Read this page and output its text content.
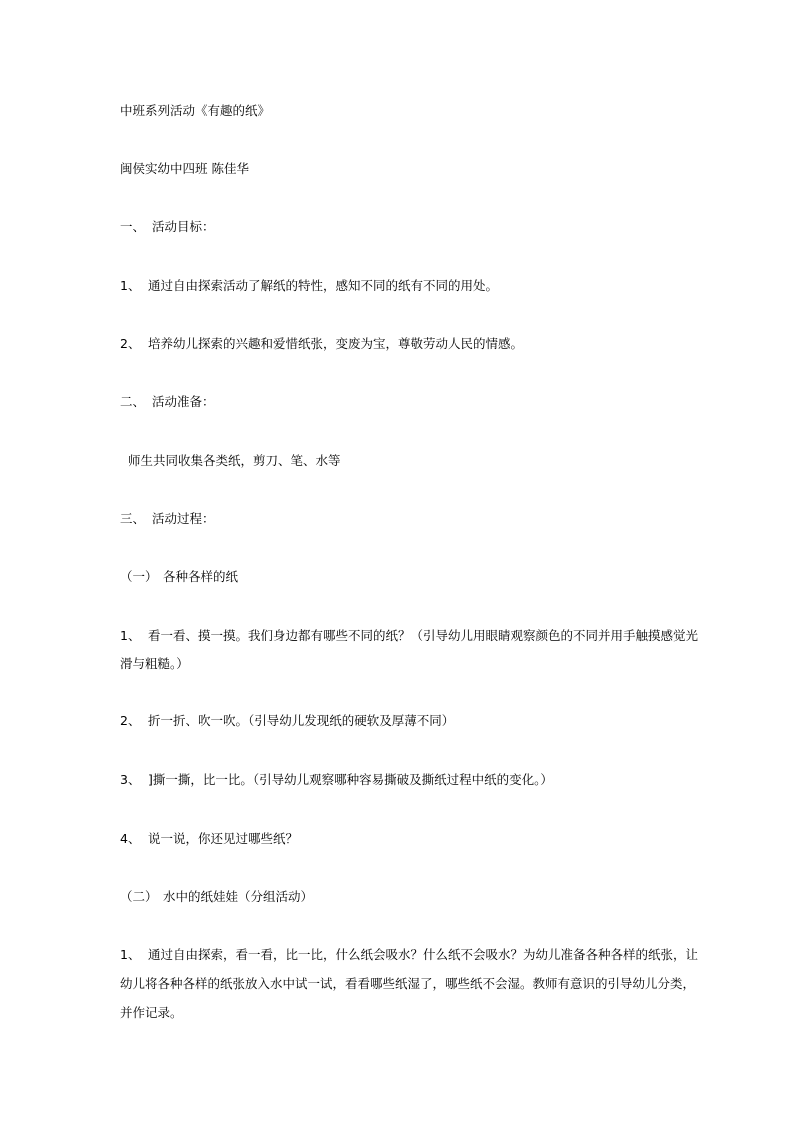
中班系列活动《有趣的纸》
闽侯实幼中四班 陈佳华
一、 活动目标：
1、 通过自由探索活动了解纸的特性，感知不同的纸有不同的用处。
2、 培养幼儿探索的兴趣和爱惜纸张，变废为宝，尊敬劳动人民的情感。
二、 活动准备：
师生共同收集各类纸，剪刀、笔、水等
三、 活动过程：
（一） 各种各样的纸
1、 看一看、摸一摸。我们身边都有哪些不同的纸？（引导幼儿用眼睛观察颜色的不同并用手触摸感觉光
滑与粗糙。）
2、 折一折、吹一吹。（引导幼儿发现纸的硬软及厚薄不同）
3、 ]撕一撕，比一比。（引导幼儿观察哪种容易撕破及撕纸过程中纸的变化。）
4、 说一说，你还见过哪些纸？
（二） 水中的纸娃娃（分组活动）
1、 通过自由探索，看一看，比一比，什么纸会吸水？什么纸不会吸水？为幼儿准备各种各样的纸张，让
幼儿将各种各样的纸张放入水中试一试，看看哪些纸湿了，哪些纸不会湿。教师有意识的引导幼儿分类，
并作记录。
